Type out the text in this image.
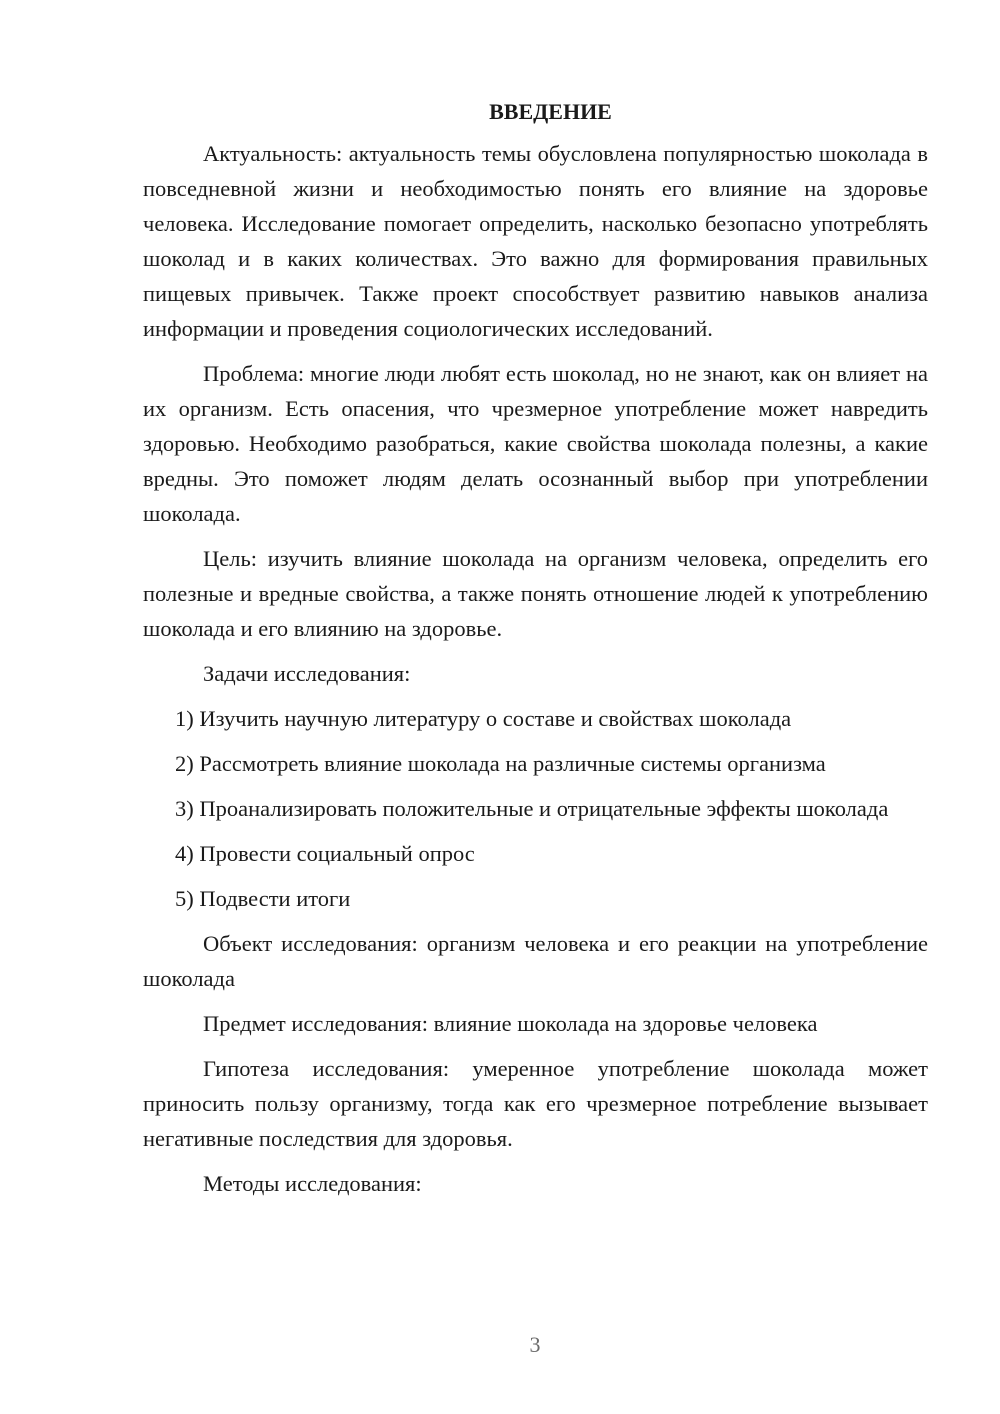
ВВЕДЕНИЕ

Актуальность: актуальность темы обусловлена популярностью шоколада в повседневной жизни и необходимостью понять его влияние на здоровье человека. Исследование помогает определить, насколько безопасно употреблять шоколад и в каких количествах. Это важно для формирования правильных пищевых привычек. Также проект способствует развитию навыков анализа информации и проведения социологических исследований.

Проблема: многие люди любят есть шоколад, но не знают, как он влияет на их организм. Есть опасения, что чрезмерное употребление может навредить здоровью. Необходимо разобраться, какие свойства шоколада полезны, а какие вредны. Это поможет людям делать осознанный выбор при употреблении шоколада.

Цель: изучить влияние шоколада на организм человека, определить его полезные и вредные свойства, а также понять отношение людей к употреблению шоколада и его влиянию на здоровье.

Задачи исследования:

1) Изучить научную литературу о составе и свойствах шоколада

2) Рассмотреть влияние шоколада на различные системы организма

3) Проанализировать положительные и отрицательные эффекты шоколада

4) Провести социальный опрос

5) Подвести итоги

Объект исследования: организм человека и его реакции на употребление шоколада

Предмет исследования: влияние шоколада на здоровье человека

Гипотеза исследования: умеренное употребление шоколада может приносить пользу организму, тогда как его чрезмерное потребление вызывает негативные последствия для здоровья.

Методы исследования:

3
